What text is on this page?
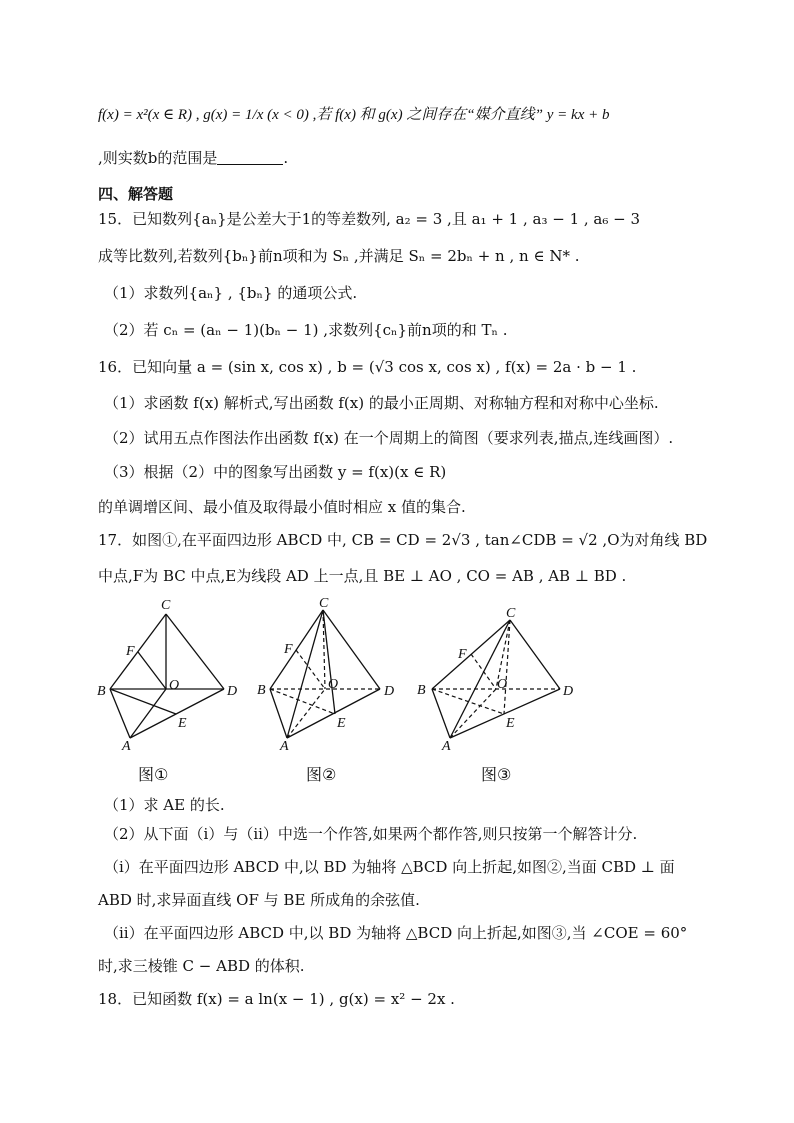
f(x) = x²(x ∈ R) , g(x) = 1/x (x < 0) ,若 f(x) 和 g(x) 之间存在“媒介直线” y = kx + b
,则实数b的范围是	.
四、解答题
15．已知数列{aₙ}是公差大于1的等差数列, a₂ = 3 ,且 a₁ + 1 , a₃ − 1 , a₆ − 3
成等比数列,若数列{bₙ}前n项和为 Sₙ ,并满足 Sₙ = 2bₙ + n , n ∈ N* .
（1）求数列{aₙ} , {bₙ} 的通项公式.
（2）若 cₙ = (aₙ − 1)(bₙ − 1) ,求数列{cₙ}前n项的和 Tₙ .
16．已知向量 a = (sin x, cos x) , b = (√3 cos x, cos x) , f(x) = 2a · b − 1 .
（1）求函数 f(x) 解析式,写出函数 f(x) 的最小正周期、对称轴方程和对称中心坐标.
（2）试用五点作图法作出函数 f(x) 在一个周期上的简图（要求列表,描点,连线画图）.
（3）根据（2）中的图象写出函数 y = f(x)(x ∈ R)
的单调增区间、最小值及取得最小值时相应 x 值的集合.
17．如图①,在平面四边形 ABCD 中, CB = CD = 2√3 , tan∠CDB = √2 ,O为对角线 BD
中点,F为 BC 中点,E为线段 AD 上一点,且 BE ⊥ AO , CO = AB , AB ⊥ BD .
C
F
B	O	D
E
A
C
F
B	O	D
E
A
C
F
B	O	D
E
A
图①	图②	图③
（1）求 AE 的长.
（2）从下面（i）与（ii）中选一个作答,如果两个都作答,则只按第一个解答计分.
（i）在平面四边形 ABCD 中,以 BD 为轴将 △BCD 向上折起,如图②,当面 CBD ⊥ 面
ABD 时,求异面直线 OF 与 BE 所成角的余弦值.
（ii）在平面四边形 ABCD 中,以 BD 为轴将 △BCD 向上折起,如图③,当 ∠COE = 60°
时,求三棱锥 C − ABD 的体积.
18．已知函数 f(x) = a ln(x − 1) , g(x) = x² − 2x .
